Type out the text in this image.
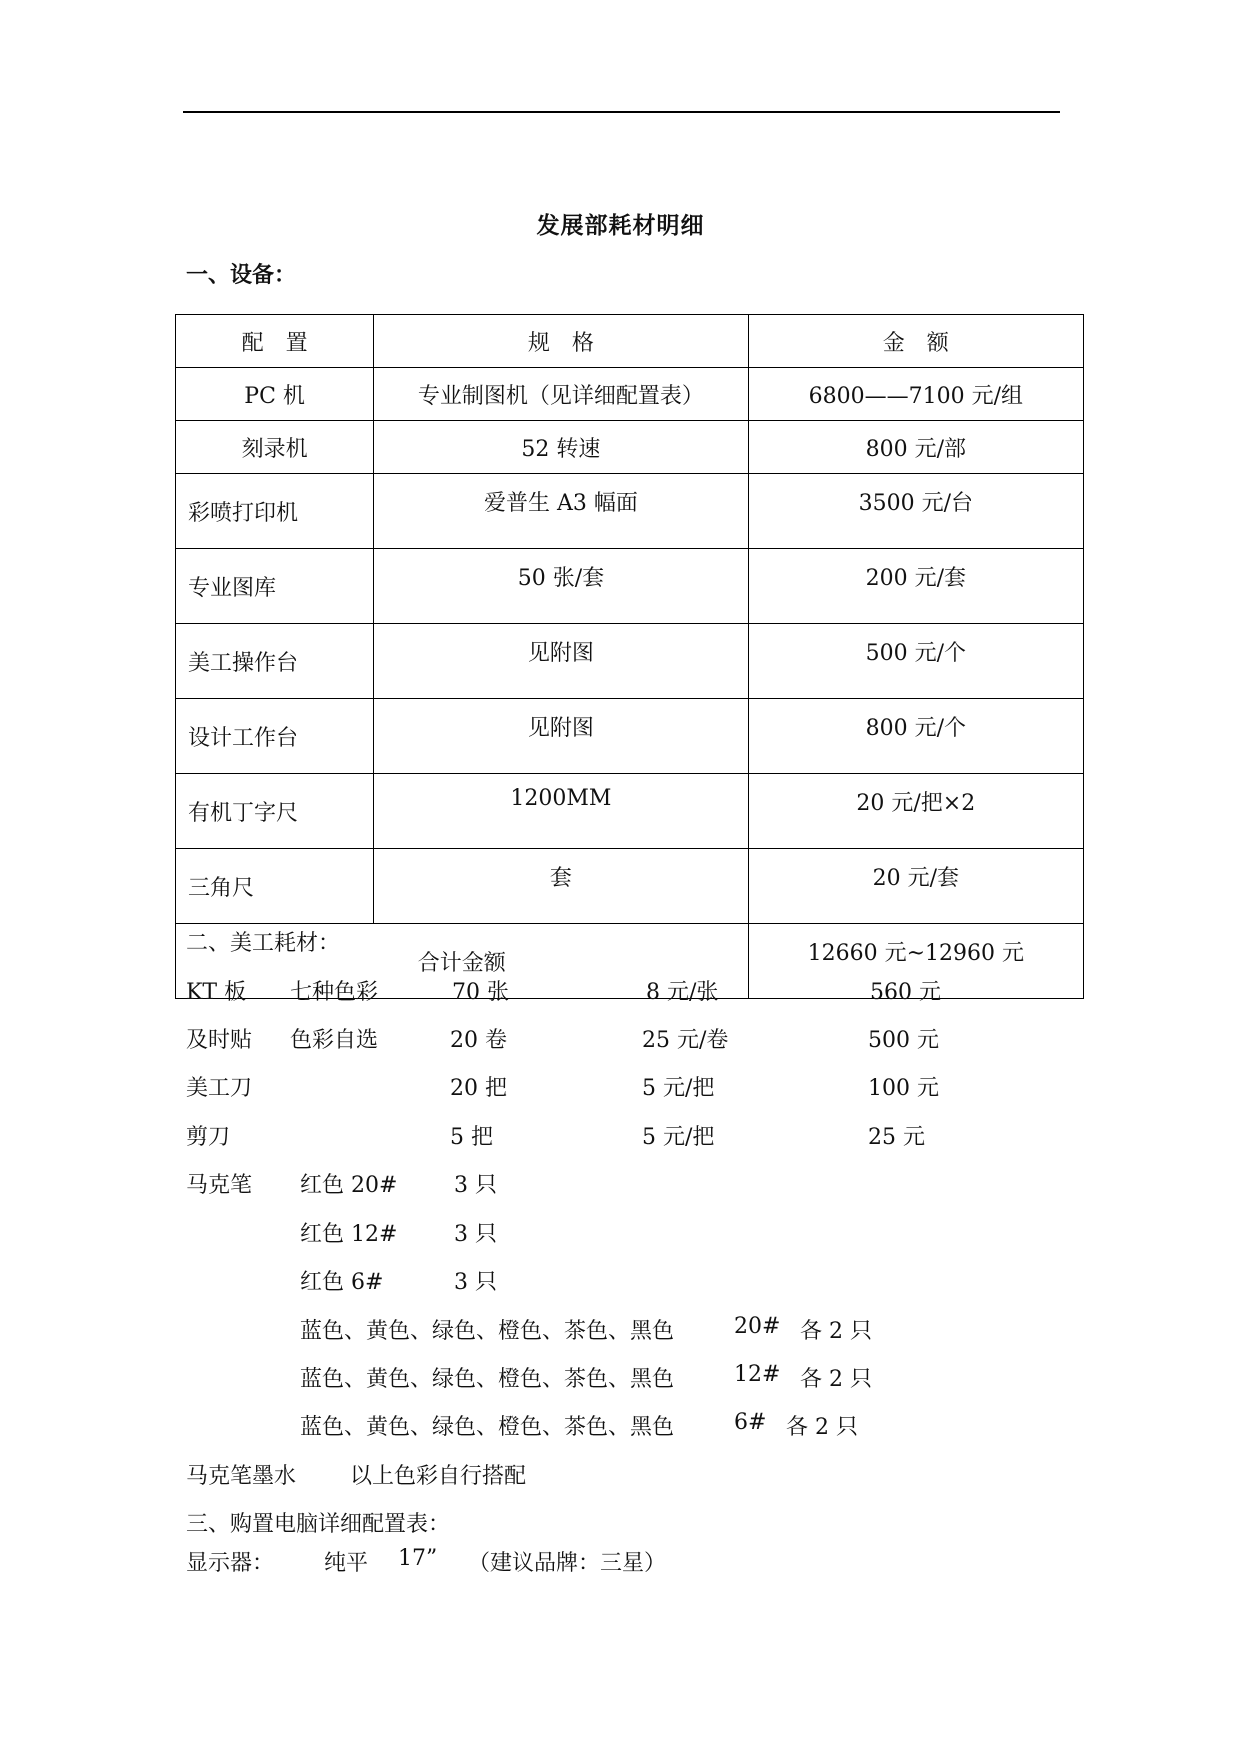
发展部耗材明细
一、设备：
配　置	规　格	金　额
PC 机	专业制图机（见详细配置表）	6800——7100 元/组
刻录机	52 转速	800 元/部
彩喷打印机	爱普生 A3 幅面	3500 元/台
专业图库	50 张/套	200 元/套
美工操作台	见附图	500 元/个
设计工作台	见附图	800 元/个
有机丁字尺	1200MM	20 元/把×2
三角尺	套	20 元/套
合计金额		12660 元~12960 元
二、美工耗材：
KT 板 七种色彩	70 张	8 元/张	560 元
及时贴 色彩自选	20 卷	25 元/卷	500 元
美工刀	20 把	5 元/把	100 元
剪刀	5 把	5 元/把	25 元
马克笔 红色 20#	3 只
红色 12#	3 只
红色 6#	3 只
蓝色、黄色、绿色、橙色、茶色、黑色	20# 各 2 只
蓝色、黄色、绿色、橙色、茶色、黑色	12# 各 2 只
蓝色、黄色、绿色、橙色、茶色、黑色	6# 各 2 只
马克笔墨水 以上色彩自行搭配
三、购置电脑详细配置表：
显示器： 纯平 17” （建议品牌：三星）
